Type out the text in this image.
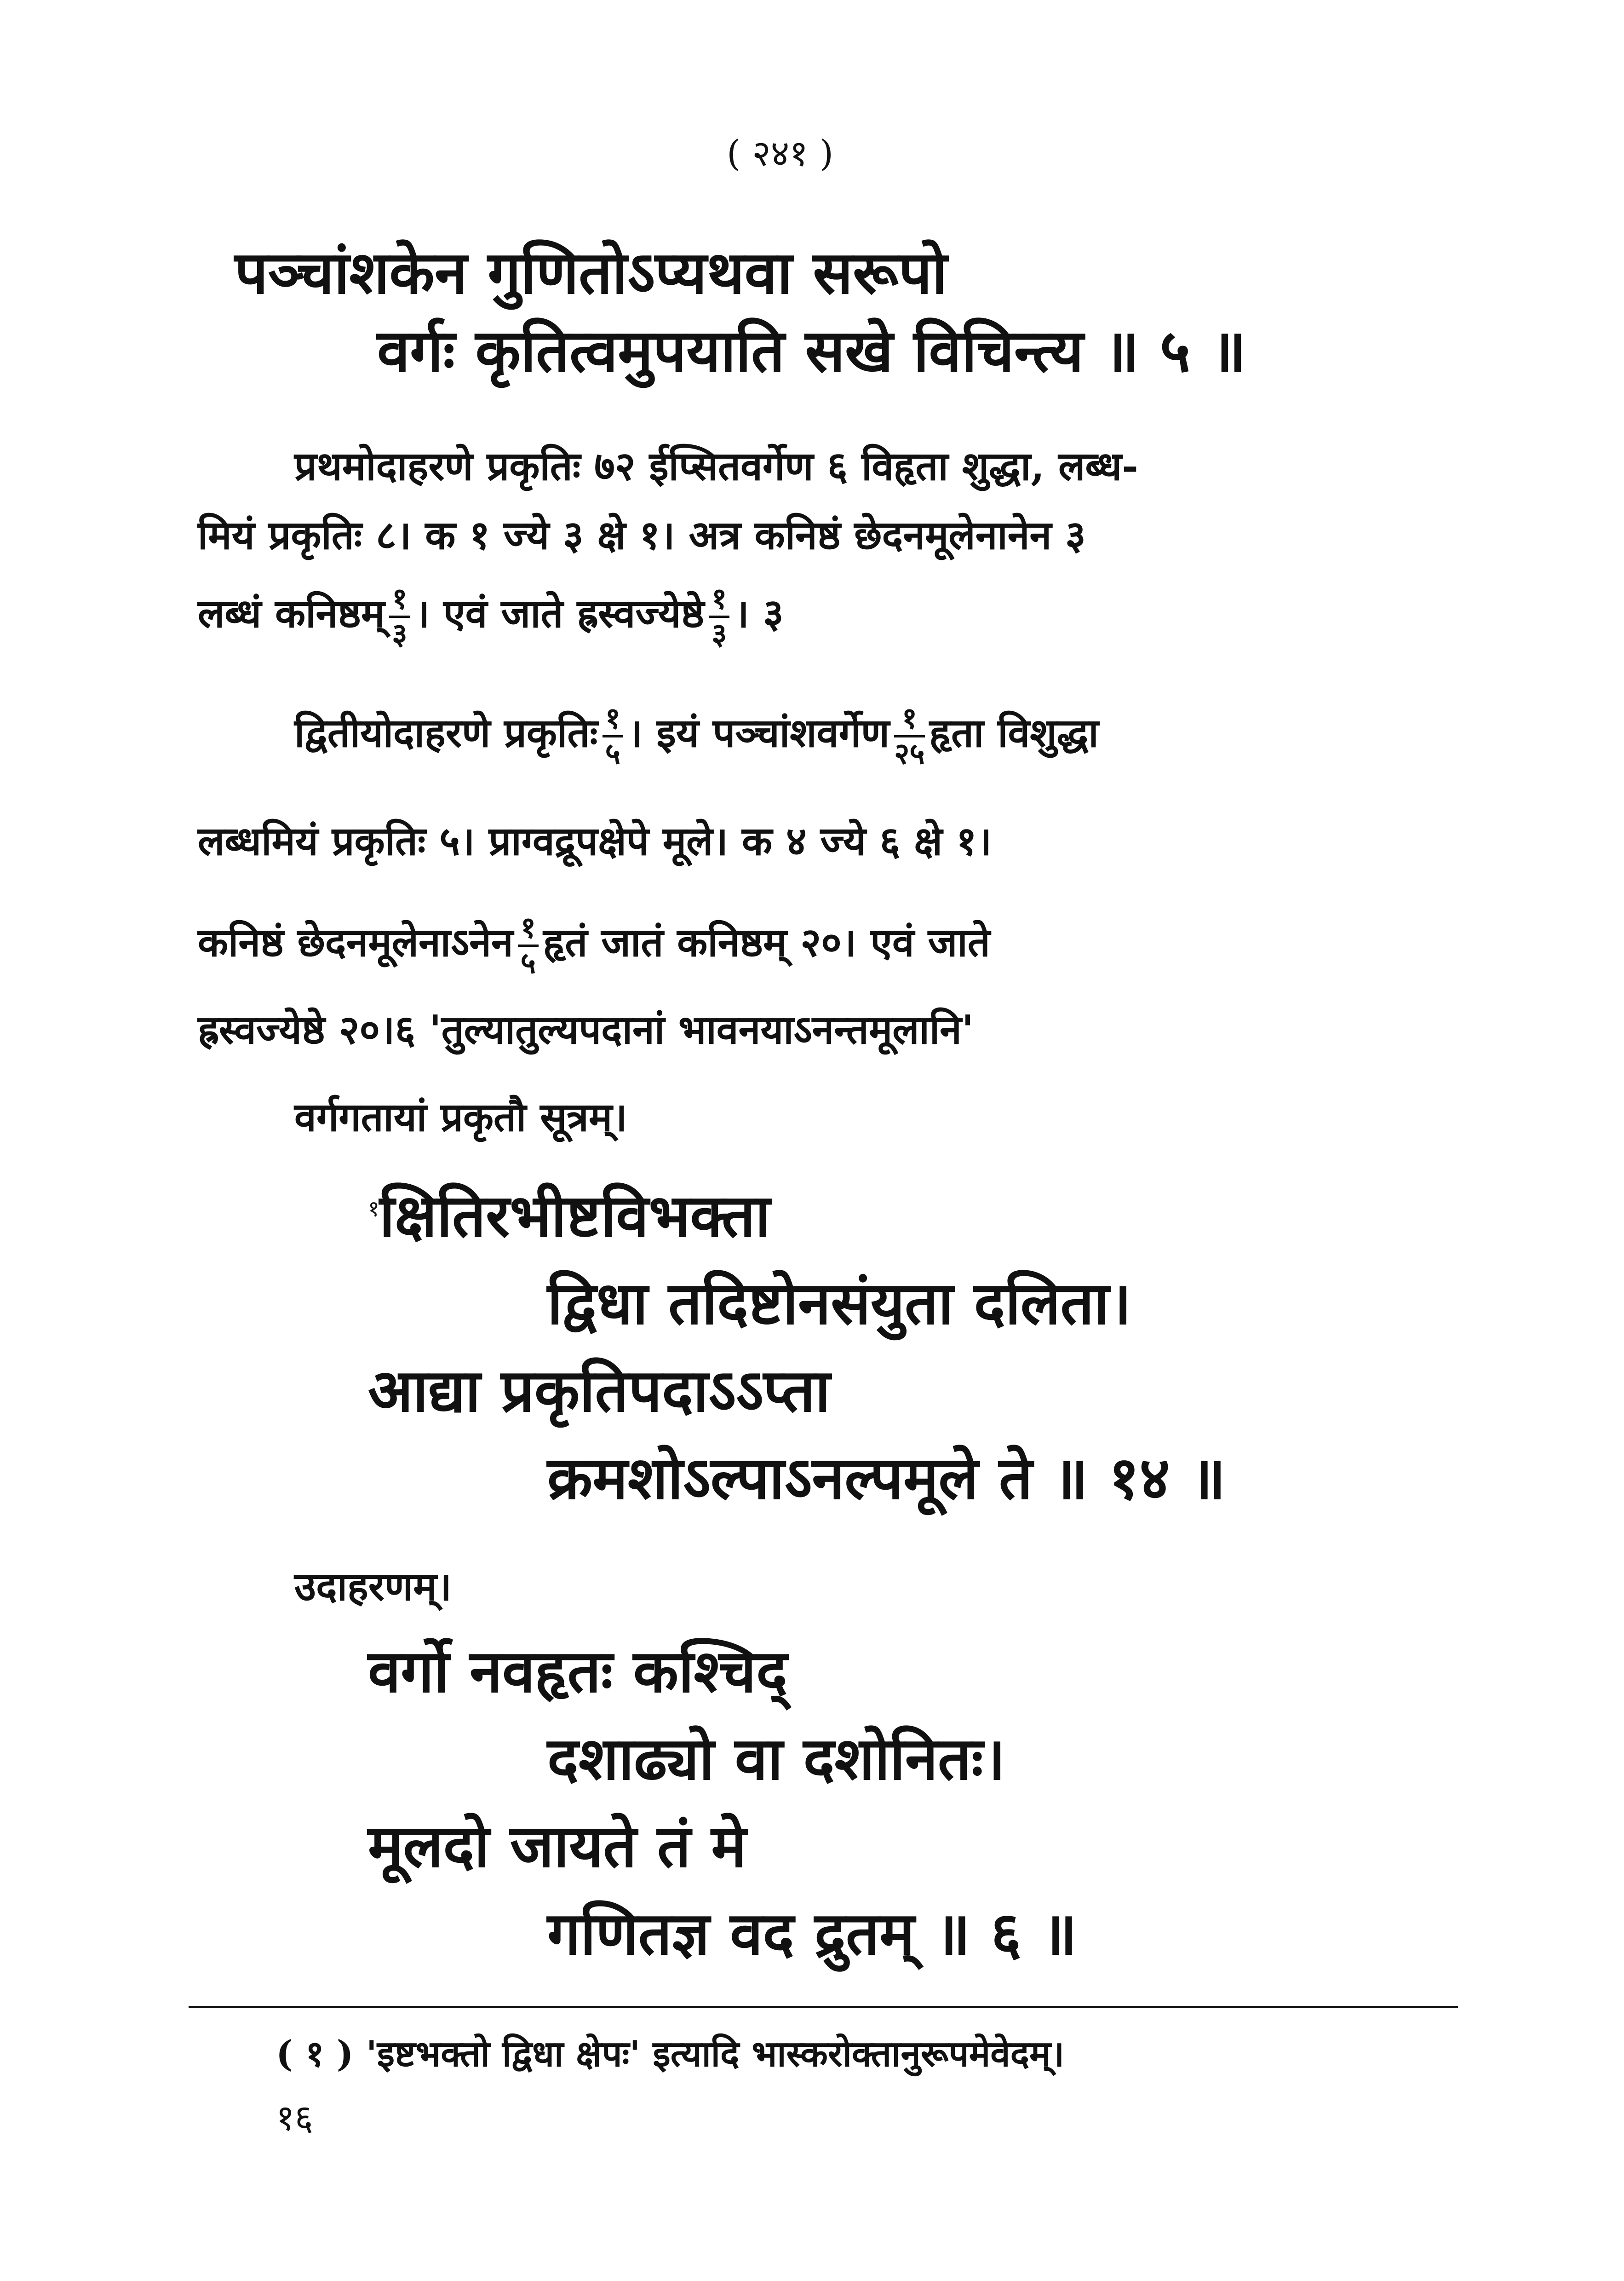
( २४१ )
पञ्चांशकेन गुणितोऽप्यथवा सरूपो
वर्गः कृतित्वमुपयाति सखे विचिन्त्य ॥ ५ ॥
प्रथमोदाहरणे प्रकृतिः ७२ ईप्सितवर्गेण ६ विहृता शुद्धा, लब्ध-
मियं प्रकृतिः ८। क १ ज्ये ३ क्षे १। अत्र कनिष्ठं छेदनमूलेनानेन ३
लब्धं कनिष्ठम् $\frac{१}{३}$ । एवं जाते ह्रस्वज्येष्ठे $\frac{१}{३}$ । ३
द्वितीयोदाहरणे प्रकृतिः $\frac{१}{५}$ । इयं पञ्चांशवर्गेण $\frac{१}{२५}$ हृता विशुद्धा
लब्धमियं प्रकृतिः ५। प्राग्वद्रूपक्षेपे मूले। क ४ ज्ये ६ क्षे १।
कनिष्ठं छेदनमूलेनाऽनेन $\frac{१}{५}$ हृतं जातं कनिष्ठम् २०। एवं जाते
ह्रस्वज्येष्ठे २०।६ 'तुल्यातुल्यपदानां भावनयाऽनन्तमूलानि'
वर्गगतायां प्रकृतौ सूत्रम्।
$^१$क्षितिरभीष्टविभक्ता
द्विधा तदिष्टोनसंयुता दलिता।
आद्या प्रकृतिपदाऽऽप्ता
क्रमशोऽल्पाऽनल्पमूले ते ॥ १४ ॥
उदाहरणम्।
वर्गो नवहृतः कश्चिद्
दशाढ्यो वा दशोनितः।
मूलदो जायते तं मे
गणितज्ञ वद द्रुतम् ॥ ६ ॥
( १ ) 'इष्टभक्तो द्विधा क्षेपः' इत्यादि भास्करोक्तानुरूपमेवेदम्।
१६
